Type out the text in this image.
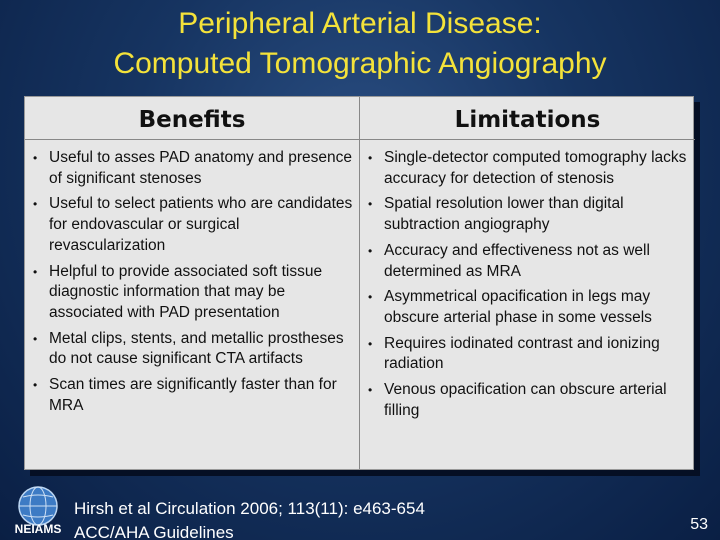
Peripheral Arterial Disease:
Computed Tomographic Angiography
Benefits
• Useful to asses PAD anatomy and presence of significant stenoses
• Useful to select patients who are candidates for endovascular or surgical revascularization
• Helpful to provide associated soft tissue diagnostic information that may be associated with PAD presentation
• Metal clips, stents, and metallic prostheses do not cause significant CTA artifacts
• Scan times are significantly faster than for MRA
Limitations
• Single-detector computed tomography lacks accuracy for detection of stenosis
• Spatial resolution lower than digital subtraction angiography
• Accuracy and effectiveness not as well determined as MRA
• Asymmetrical opacification in legs may obscure arterial phase in some vessels
• Requires iodinated contrast and ionizing radiation
• Venous opacification can obscure arterial filling
NEIAMS
Hirsh et al Circulation 2006; 113(11): e463-654
ACC/AHA Guidelines	53
